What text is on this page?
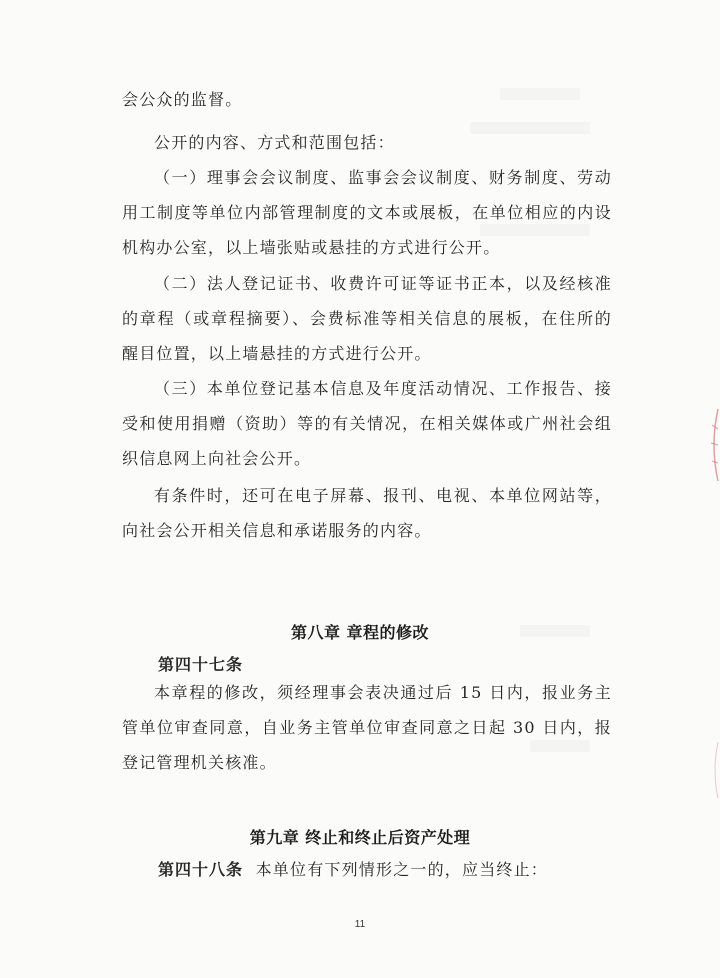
会公众的监督。

公开的内容、方式和范围包括：

（一）理事会会议制度、监事会会议制度、财务制度、劳动用工制度等单位内部管理制度的文本或展板，在单位相应的内设机构办公室，以上墙张贴或悬挂的方式进行公开。

（二）法人登记证书、收费许可证等证书正本，以及经核准的章程（或章程摘要）、会费标准等相关信息的展板，在住所的醒目位置，以上墙悬挂的方式进行公开。

（三）本单位登记基本信息及年度活动情况、工作报告、接受和使用捐赠（资助）等的有关情况，在相关媒体或广州社会组织信息网上向社会公开。

有条件时，还可在电子屏幕、报刊、电视、本单位网站等，向社会公开相关信息和承诺服务的内容。

第八章 章程的修改

第四十七条

本章程的修改，须经理事会表决通过后 15 日内，报业务主管单位审查同意，自业务主管单位审查同意之日起 30 日内，报登记管理机关核准。

第九章 终止和终止后资产处理

第四十八条 本单位有下列情形之一的，应当终止：

11
